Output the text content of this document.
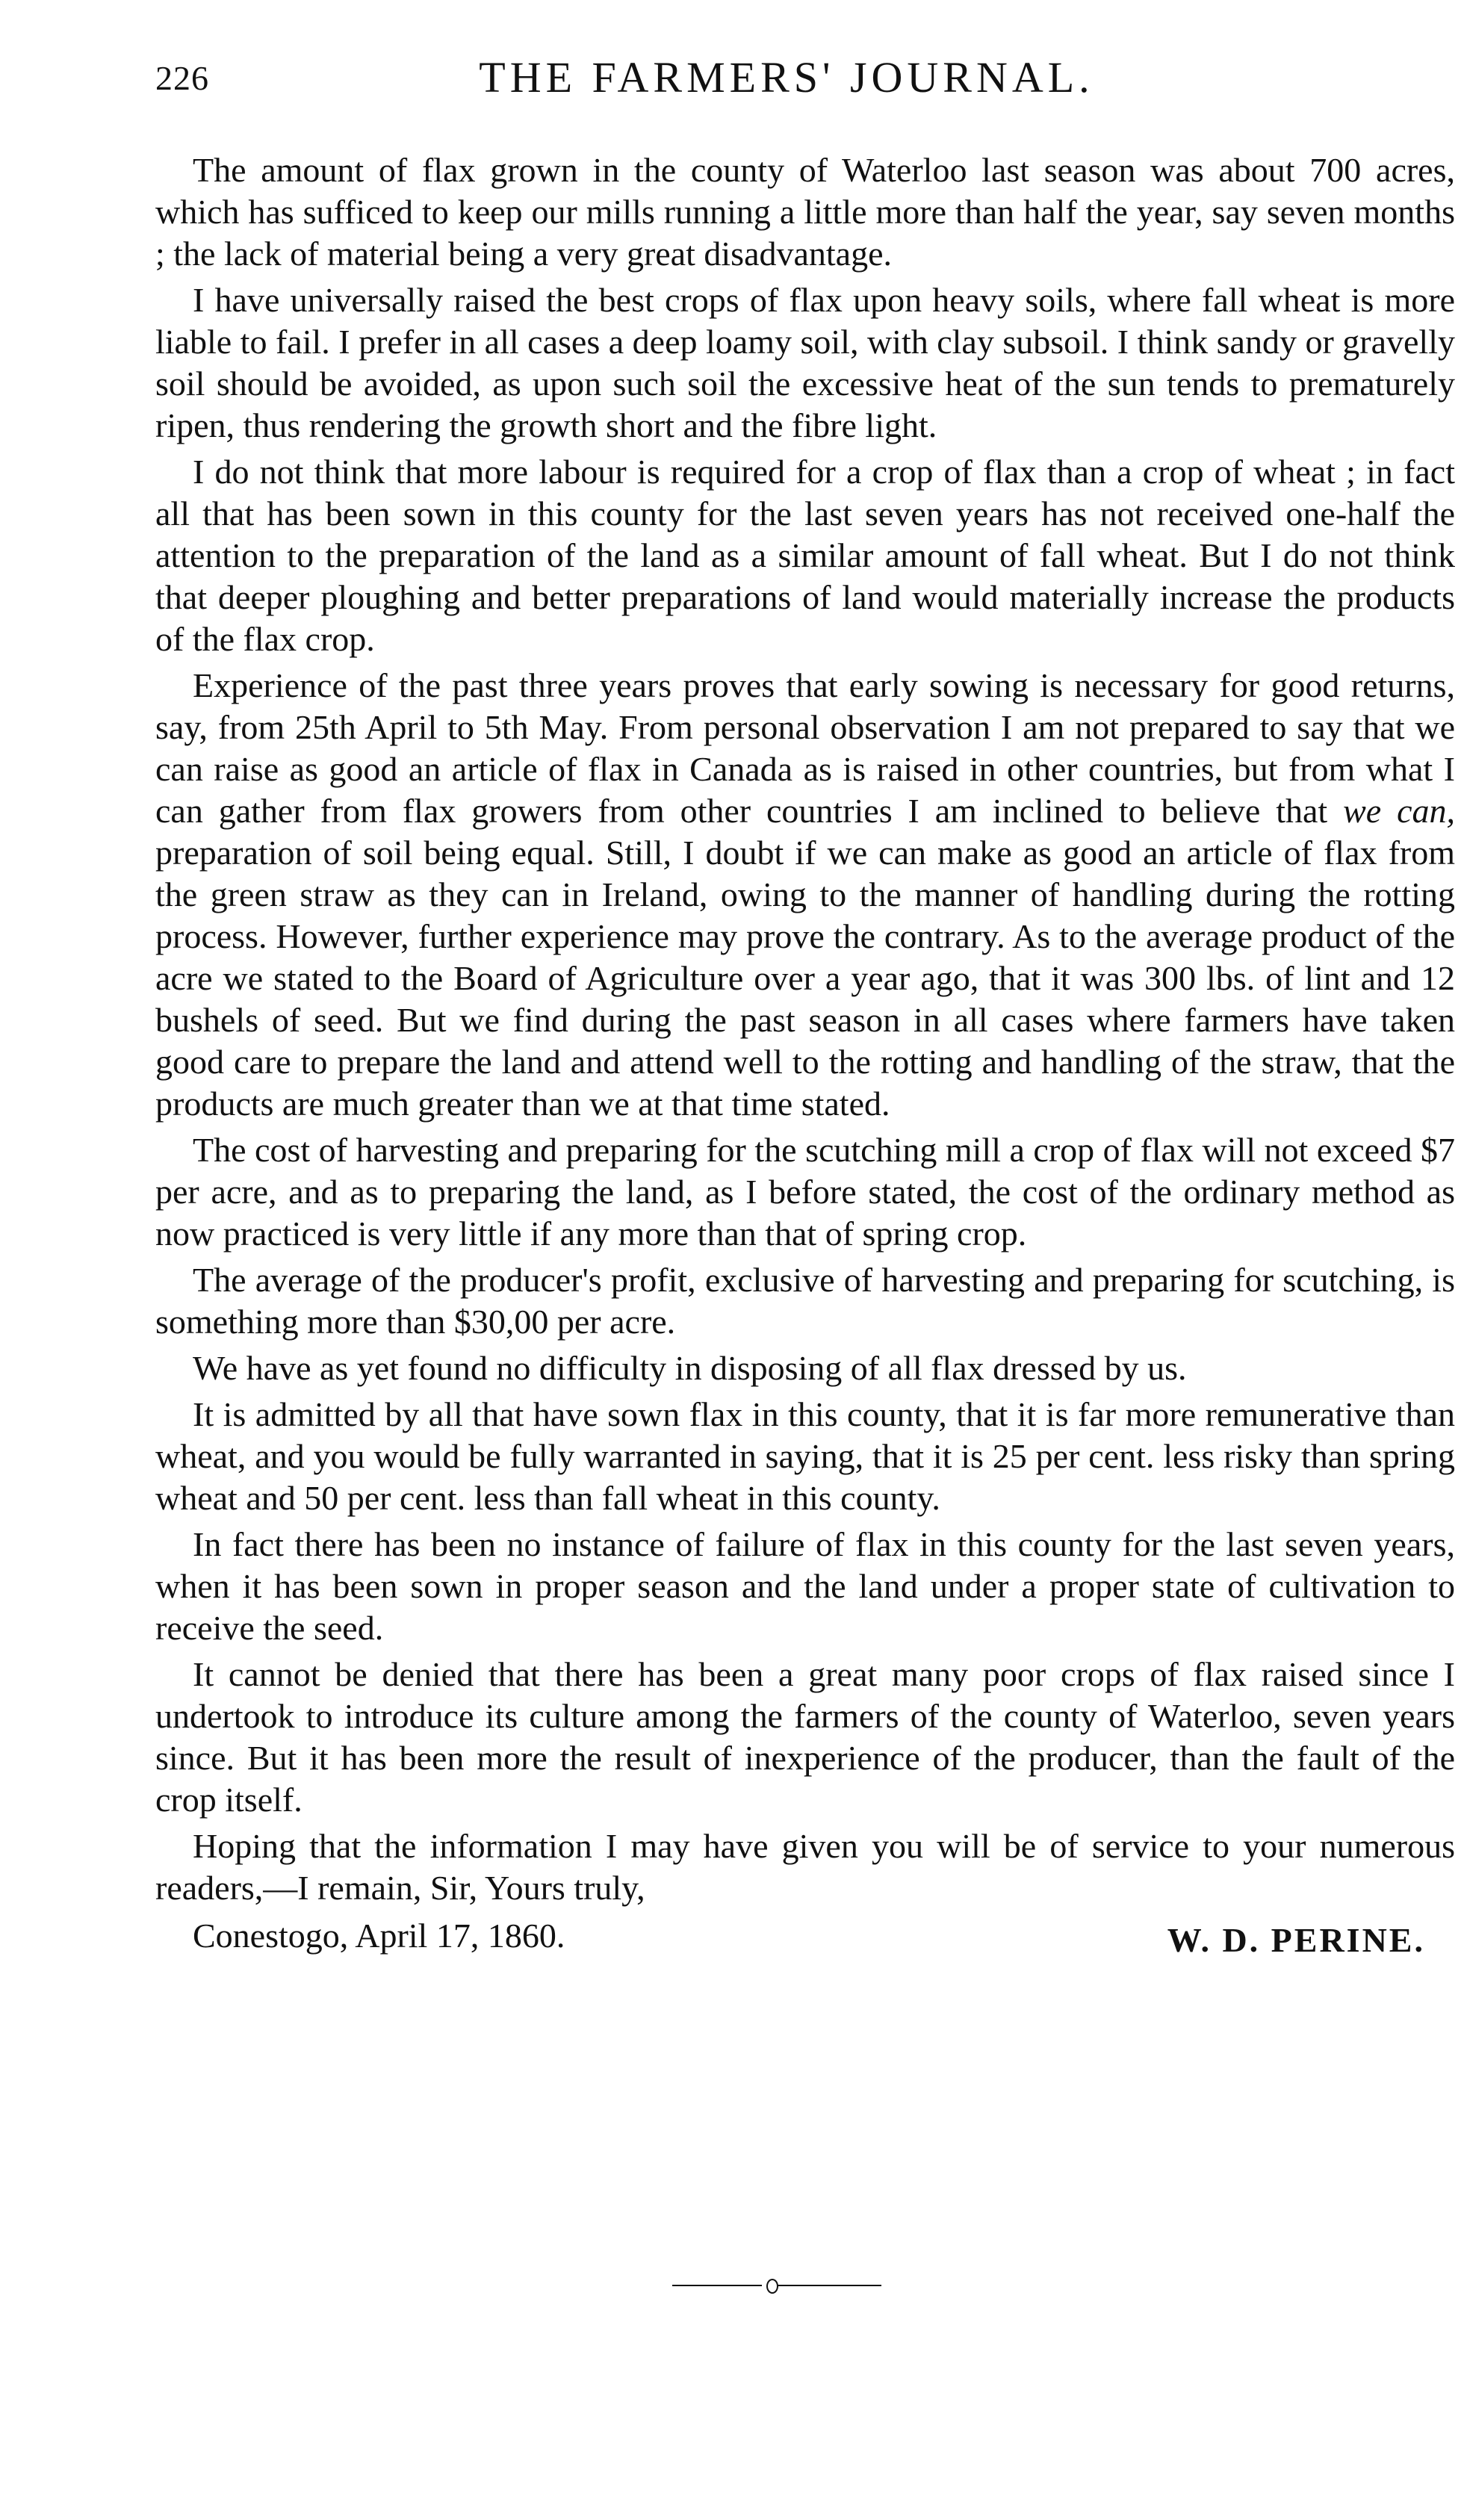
226	THE FARMERS' JOURNAL.

The amount of flax grown in the county of Waterloo last season was about 700 acres, which has sufficed to keep our mills running a little more than half the year, say seven months ; the lack of material being a very great disadvantage.

I have universally raised the best crops of flax upon heavy soils, where fall wheat is more liable to fail. I prefer in all cases a deep loamy soil, with clay subsoil. I think sandy or gravelly soil should be avoided, as upon such soil the excessive heat of the sun tends to prematurely ripen, thus rendering the growth short and the fibre light.

I do not think that more labour is required for a crop of flax than a crop of wheat ; in fact all that has been sown in this county for the last seven years has not received one-half the attention to the preparation of the land as a similar amount of fall wheat. But I do not think that deeper ploughing and better preparations of land would materially increase the products of the flax crop.

Experience of the past three years proves that early sowing is necessary for good returns, say, from 25th April to 5th May. From personal observation I am not prepared to say that we can raise as good an article of flax in Canada as is raised in other countries, but from what I can gather from flax growers from other countries I am inclined to believe that we can, preparation of soil being equal. Still, I doubt if we can make as good an article of flax from the green straw as they can in Ireland, owing to the manner of handling during the rotting process. However, further experience may prove the contrary. As to the average product of the acre we stated to the Board of Agriculture over a year ago, that it was 300 lbs. of lint and 12 bushels of seed. But we find during the past season in all cases where farmers have taken good care to prepare the land and attend well to the rotting and handling of the straw, that the products are much greater than we at that time stated.

The cost of harvesting and preparing for the scutching mill a crop of flax will not exceed $7 per acre, and as to preparing the land, as I before stated, the cost of the ordinary method as now practiced is very little if any more than that of spring crop.

The average of the producer's profit, exclusive of harvesting and preparing for scutching, is something more than $30,00 per acre.

We have as yet found no difficulty in disposing of all flax dressed by us.

It is admitted by all that have sown flax in this county, that it is far more remunerative than wheat, and you would be fully warranted in saying, that it is 25 per cent. less risky than spring wheat and 50 per cent. less than fall wheat in this county.

In fact there has been no instance of failure of flax in this county for the last seven years, when it has been sown in proper season and the land under a proper state of cultivation to receive the seed.

It cannot be denied that there has been a great many poor crops of flax raised since I undertook to introduce its culture among the farmers of the county of Waterloo, seven years since. But it has been more the result of inexperience of the producer, than the fault of the crop itself.

Hoping that the information I may have given you will be of service to your numerous readers,—I remain, Sir, Yours truly,

Conestogo, April 17, 1860.	W. D. PERINE.
